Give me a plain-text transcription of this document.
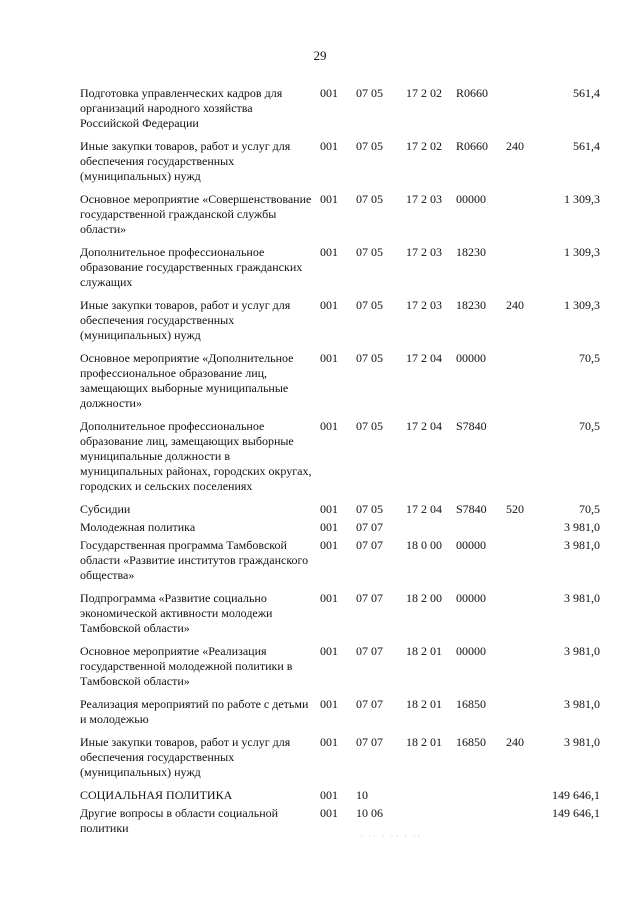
29
Подготовка управленческих кадров для организаций народного хозяйства Российской Федерации	001	07 05	17 2 02	R0660		561,4
Иные закупки товаров, работ и услуг для обеспечения государственных (муниципальных) нужд	001	07 05	17 2 02	R0660	240	561,4
Основное мероприятие «Совершенствование государственной гражданской службы области»	001	07 05	17 2 03	00000		1 309,3
Дополнительное профессиональное образование государственных гражданских служащих	001	07 05	17 2 03	18230		1 309,3
Иные закупки товаров, работ и услуг для обеспечения государственных (муниципальных) нужд	001	07 05	17 2 03	18230	240	1 309,3
Основное мероприятие «Дополнительное профессиональное образование лиц, замещающих выборные муниципальные должности»	001	07 05	17 2 04	00000		70,5
Дополнительное профессиональное образование лиц, замещающих выборные муниципальные должности в муниципальных районах, городских округах, городских и сельских поселениях	001	07 05	17 2 04	S7840		70,5
Субсидии	001	07 05	17 2 04	S7840	520	70,5
Молодежная политика	001	07 07				3 981,0
Государственная программа Тамбовской области «Развитие институтов гражданского общества»	001	07 07	18 0 00	00000		3 981,0
Подпрограмма «Развитие социально экономической активности молодежи Тамбовской области»	001	07 07	18 2 00	00000		3 981,0
Основное мероприятие «Реализация государственной молодежной политики в Тамбовской области»	001	07 07	18 2 01	00000		3 981,0
Реализация мероприятий по работе с детьми и молодежью	001	07 07	18 2 01	16850		3 981,0
Иные закупки товаров, работ и услуг для обеспечения государственных (муниципальных) нужд	001	07 07	18 2 01	16850	240	3 981,0
СОЦИАЛЬНАЯ ПОЛИТИКА	001	10				149 646,1
Другие вопросы в области социальной политики	001	10 06				149 646,1
· ·· · ·· · ··
